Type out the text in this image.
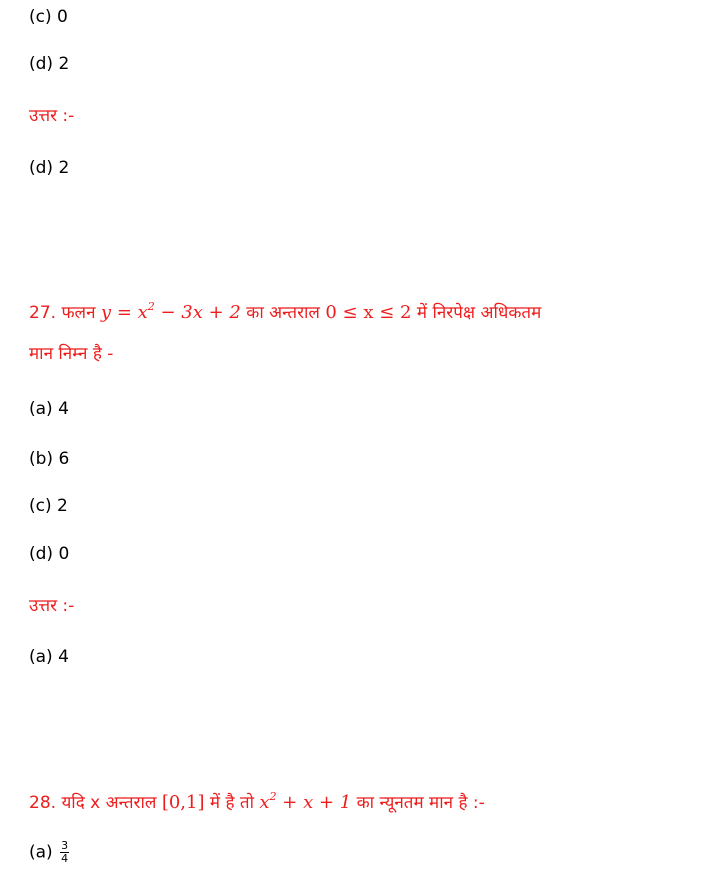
(c) 0
(d) 2
उत्तर :-
(d) 2
27. फलन $y = x^2 - 3x + 2$ का अन्तराल 0 ≤ x ≤ 2 में निरपेक्ष अधिकतम
मान निम्न है -
(a) 4
(b) 6
(c) 2
(d) 0
उत्तर :-
(a) 4
28. यदि x अन्तराल [0,1] में है तो $x^2 + x + 1$ का न्यूनतम मान है :-
$(a) \frac{3}{4}$
